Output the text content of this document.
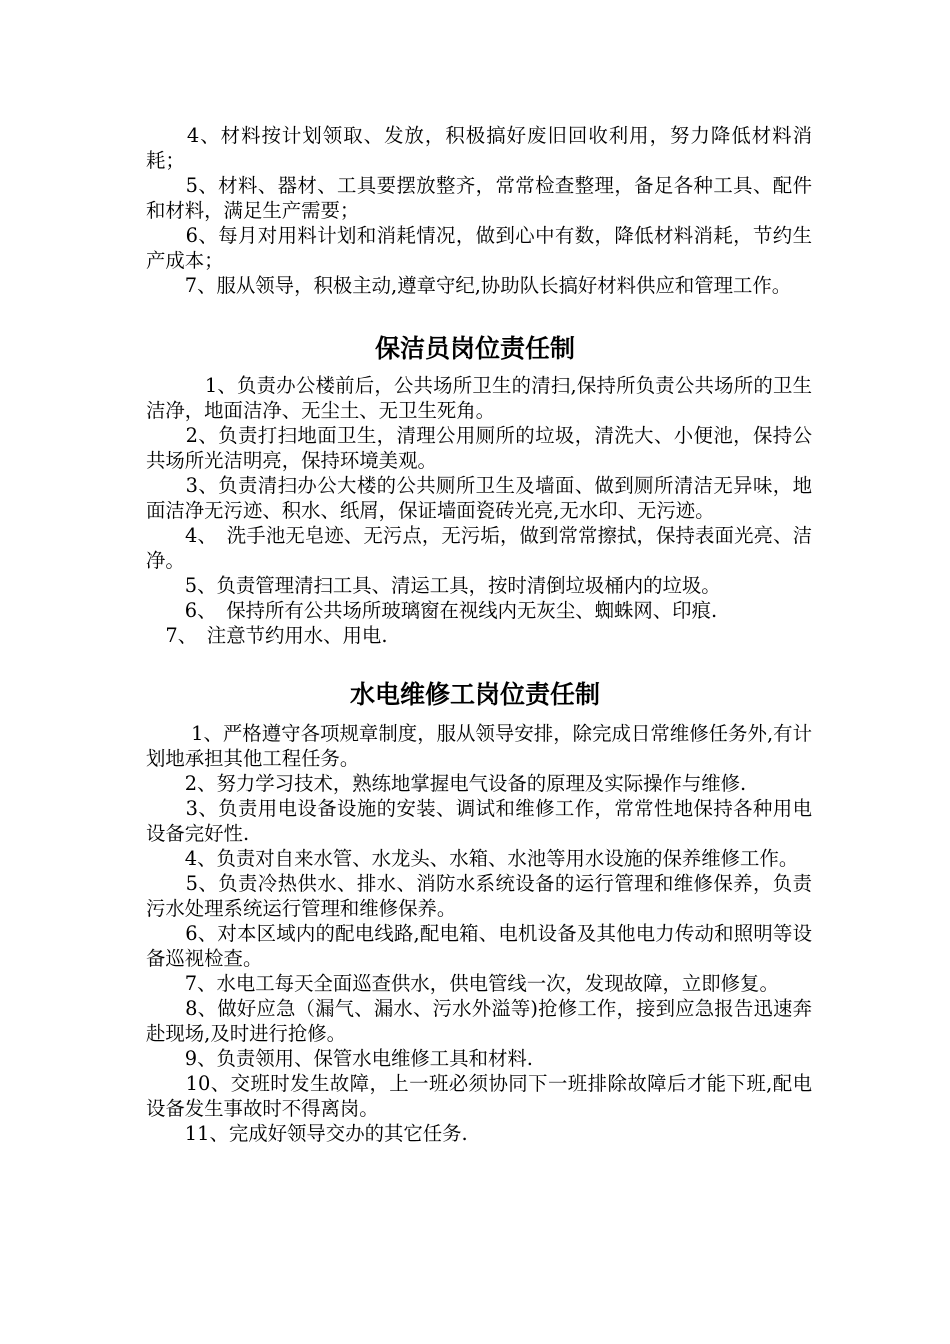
　　4、材料按计划领取、发放，积极搞好废旧回收利用，努力降低材料消耗；

　　5、材料、器材、工具要摆放整齐，常常检查整理，备足各种工具、配件和材料，满足生产需要；

　　6、每月对用料计划和消耗情况，做到心中有数，降低材料消耗，节约生产成本；

　　7、服从领导，积极主动,遵章守纪,协助队长搞好材料供应和管理工作。

保洁员岗位责任制

　　　1、负责办公楼前后，公共场所卫生的清扫,保持所负责公共场所的卫生洁净，地面洁净、无尘土、无卫生死角。

　　2、负责打扫地面卫生，清理公用厕所的垃圾，清洗大、小便池，保持公共场所光洁明亮，保持环境美观。

　　3、负责清扫办公大楼的公共厕所卫生及墙面、做到厕所清洁无异味，地面洁净无污迹、积水、纸屑，保证墙面瓷砖光亮,无水印、无污迹。

　　4、　洗手池无皂迹、无污点，无污垢，做到常常擦拭，保持表面光亮、洁净。

　　5、负责管理清扫工具、清运工具，按时清倒垃圾桶内的垃圾。

　　6、　保持所有公共场所玻璃窗在视线内无灰尘、蜘蛛网、印痕.

　7、　注意节约用水、用电.

水电维修工岗位责任制

　　 1、严格遵守各项规章制度，服从领导安排，除完成日常维修任务外,有计划地承担其他工程任务。

　　2、努力学习技术，熟练地掌握电气设备的原理及实际操作与维修.

　　3、负责用电设备设施的安装、调试和维修工作，常常性地保持各种用电设备完好性.

　　4、负责对自来水管、水龙头、水箱、水池等用水设施的保养维修工作。

　　5、负责冷热供水、排水、消防水系统设备的运行管理和维修保养，负责污水处理系统运行管理和维修保养。

　　6、对本区域内的配电线路,配电箱、电机设备及其他电力传动和照明等设备巡视检查。

　　7、水电工每天全面巡查供水，供电管线一次，发现故障，立即修复。

　　8、做好应急（漏气、漏水、污水外溢等)抢修工作，接到应急报告迅速奔赴现场,及时进行抢修。

　　9、负责领用、保管水电维修工具和材料.

　　10、交班时发生故障，上一班必须协同下一班排除故障后才能下班,配电设备发生事故时不得离岗。

　　11、完成好领导交办的其它任务.
